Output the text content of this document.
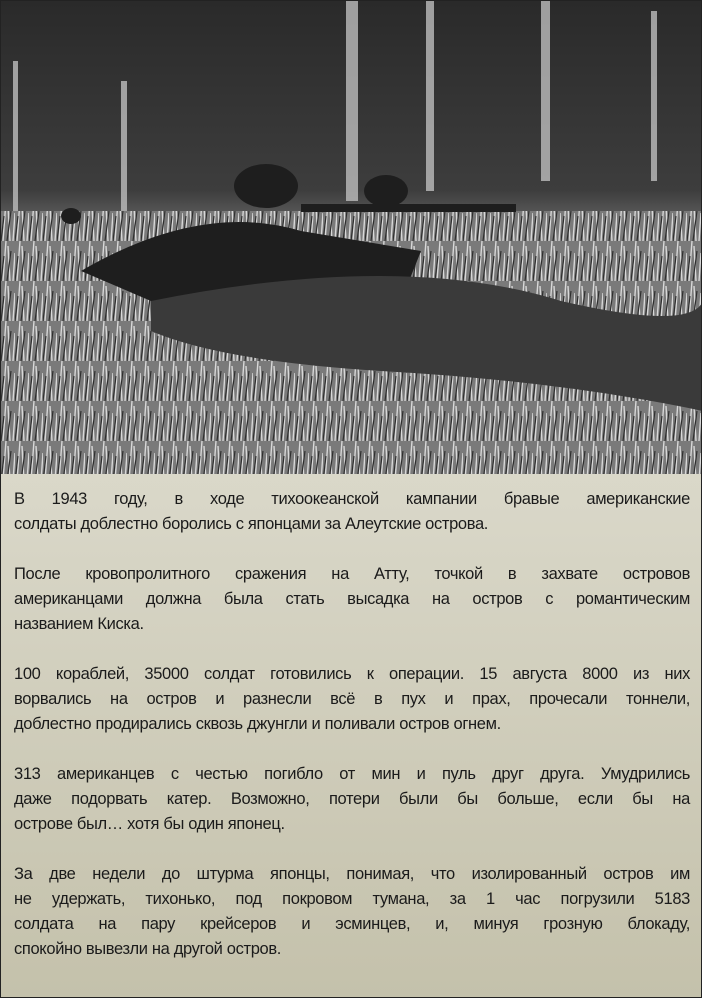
В 1943 году, в ходе тихоокеанской кампании бравые американские
солдаты доблестно боролись с японцами за Алеутские острова.
После кровопролитного сражения на Атту, точкой в захвате островов
американцами должна была стать высадка на остров с романтическим
названием Киска.
100 кораблей, 35000 солдат готовились к операции. 15 августа 8000 из них
ворвались на остров и разнесли всё в пух и прах, прочесали тоннели,
доблестно продирались сквозь джунгли и поливали остров огнем.
313 американцев с честью погибло от мин и пуль друг друга. Умудрились
даже подорвать катер. Возможно, потери были бы больше, если бы на
острове был… хотя бы один японец.
За две недели до штурма японцы, понимая, что изолированный остров им
не удержать, тихонько, под покровом тумана, за 1 час погрузили 5183
солдата на пару крейсеров и эсминцев, и, минуя грозную блокаду,
спокойно вывезли на другой остров.
